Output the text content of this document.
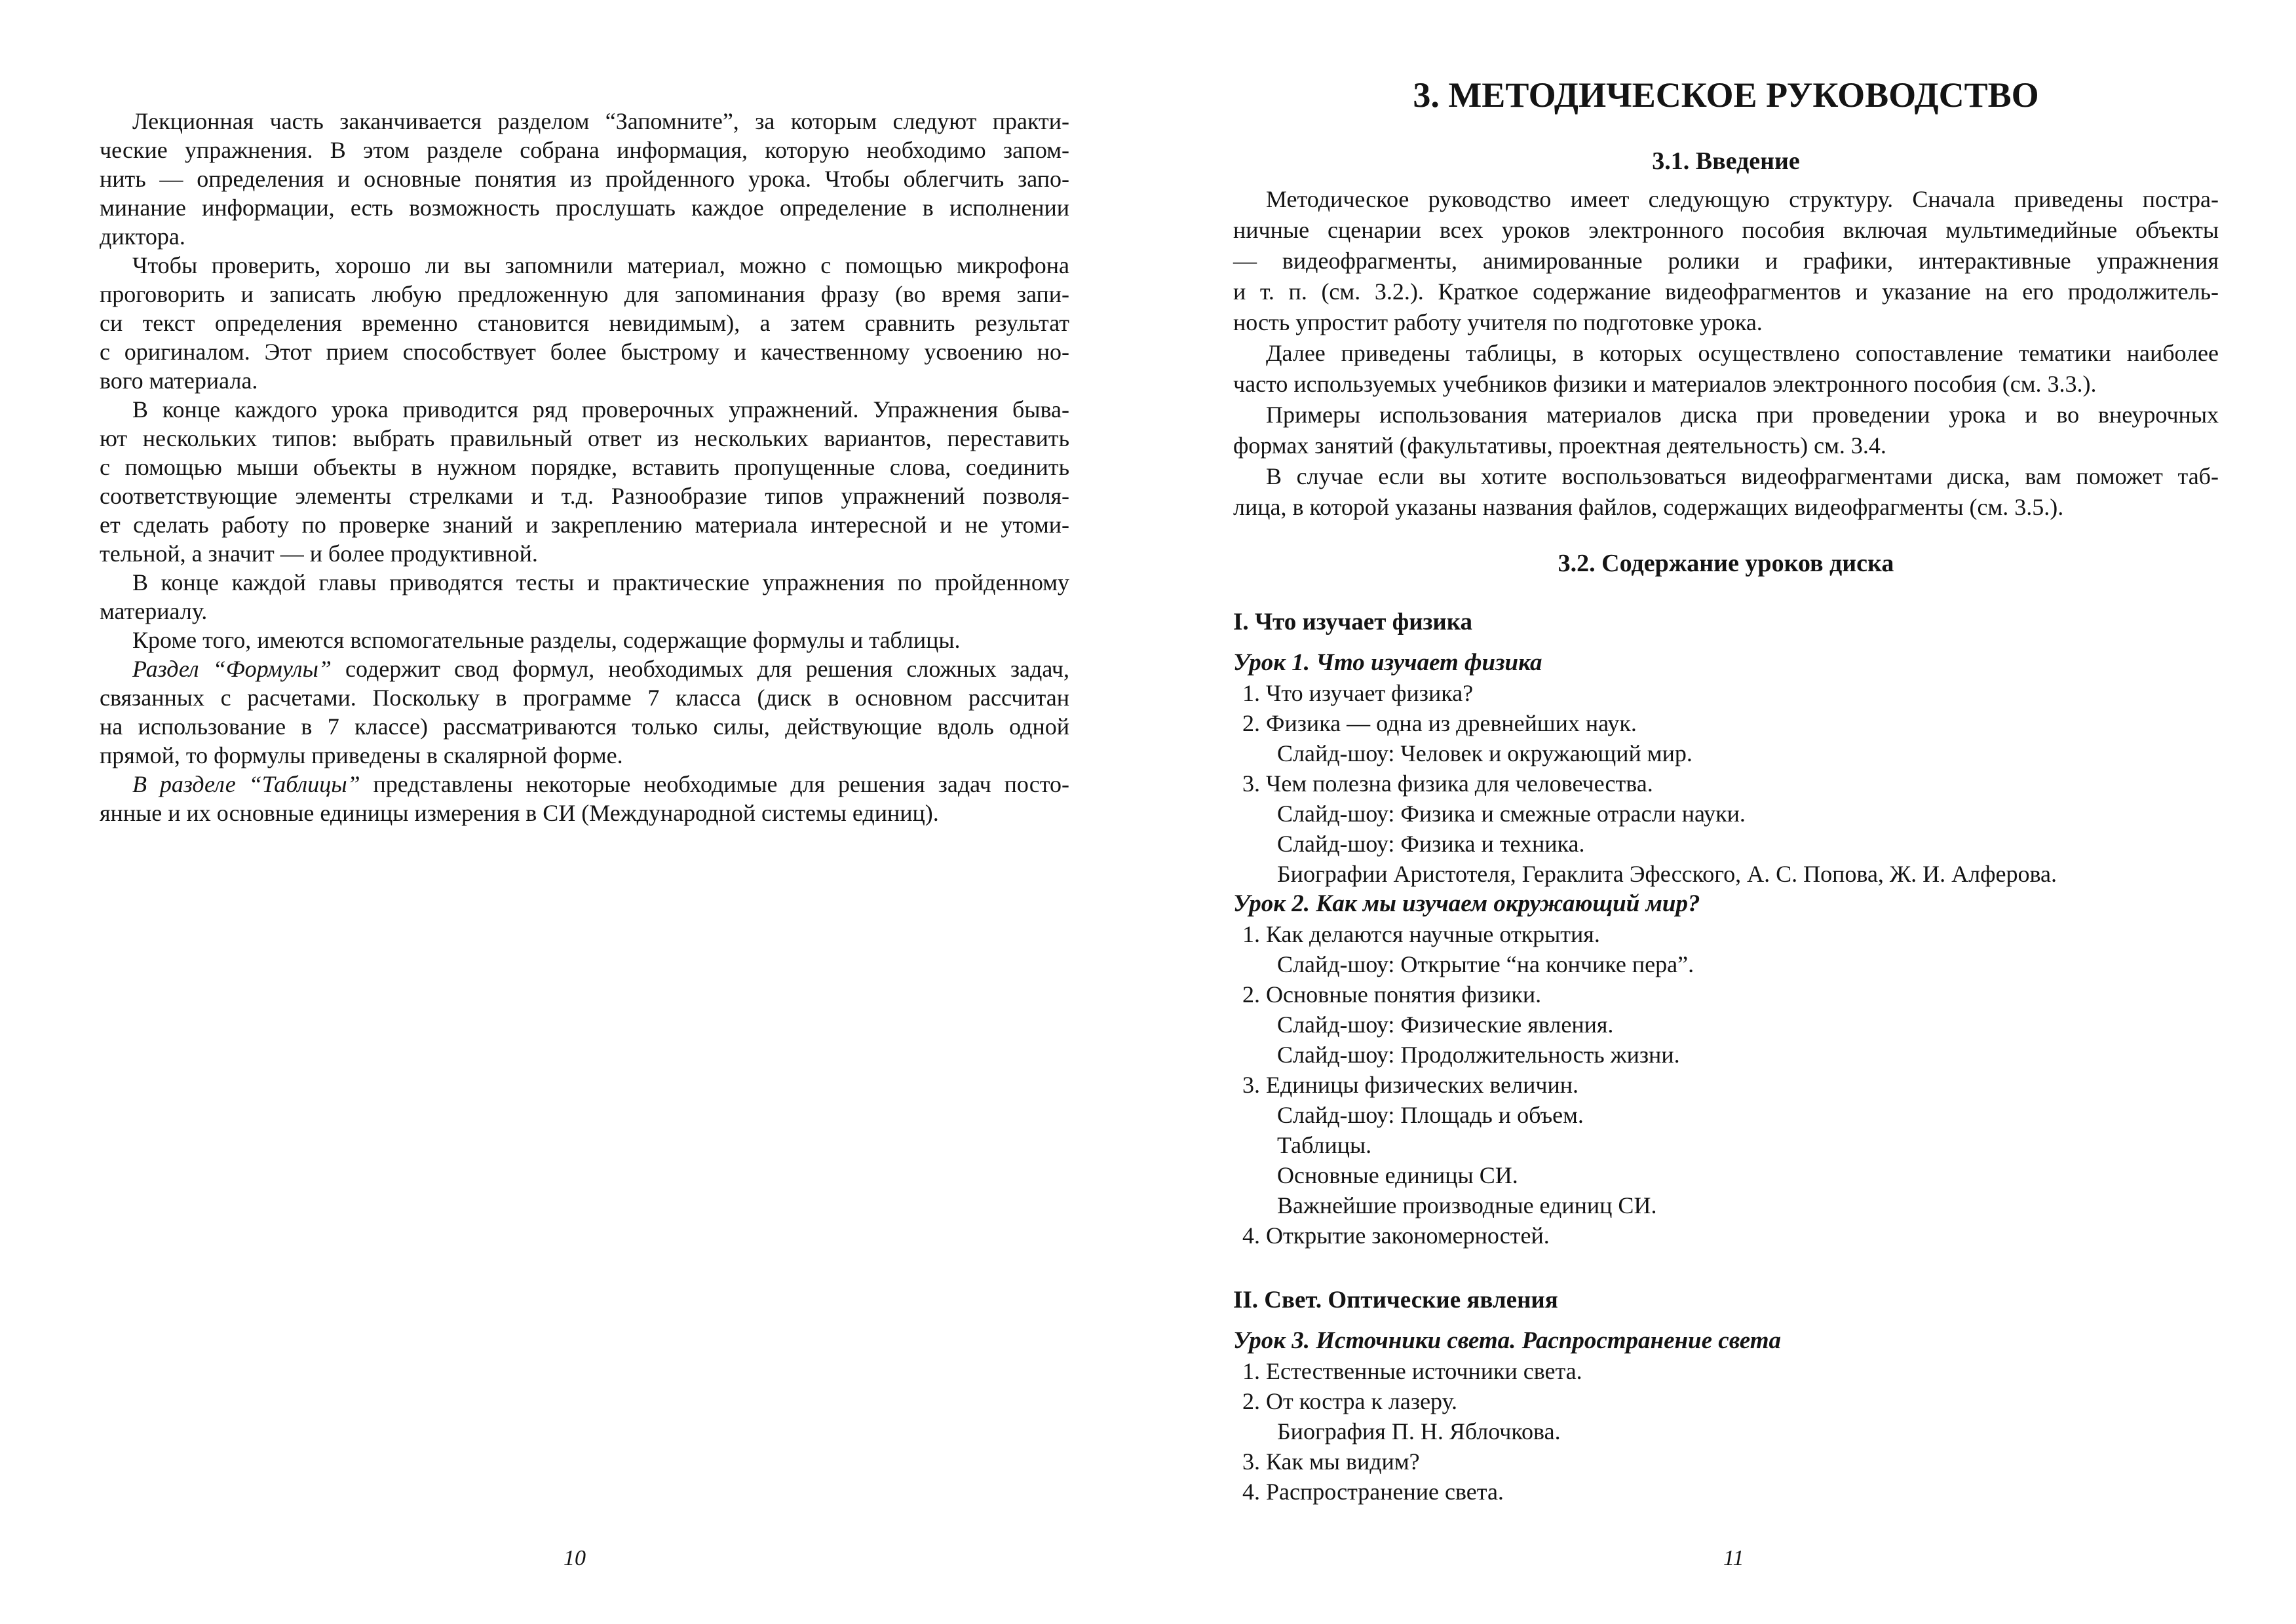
Лекционная часть заканчивается разделом “Запомните”, за которым следуют практи-
ческие упражнения. В этом разделе собрана информация, которую необходимо запом-
нить — определения и основные понятия из пройденного урока. Чтобы облегчить запо-
минание информации, есть возможность прослушать каждое определение в исполнении
диктора.
Чтобы проверить, хорошо ли вы запомнили материал, можно с помощью микрофона
проговорить и записать любую предложенную для запоминания фразу (во время запи-
си текст определения временно становится невидимым), а затем сравнить результат
с оригиналом. Этот прием способствует более быстрому и качественному усвоению но-
вого материала.
В конце каждого урока приводится ряд проверочных упражнений. Упражнения быва-
ют нескольких типов: выбрать правильный ответ из нескольких вариантов, переставить
с помощью мыши объекты в нужном порядке, вставить пропущенные слова, соединить
соответствующие элементы стрелками и т.д. Разнообразие типов упражнений позволя-
ет сделать работу по проверке знаний и закреплению материала интересной и не утоми-
тельной, а значит — и более продуктивной.
В конце каждой главы приводятся тесты и практические упражнения по пройденному
материалу.
Кроме того, имеются вспомогательные разделы, содержащие формулы и таблицы.
Раздел “Формулы” содержит свод формул, необходимых для решения сложных задач,
связанных с расчетами. Поскольку в программе 7 класса (диск в основном рассчитан
на использование в 7 классе) рассматриваются только силы, действующие вдоль одной
прямой, то формулы приведены в скалярной форме.
В разделе “Таблицы” представлены некоторые необходимые для решения задач посто-
янные и их основные единицы измерения в СИ (Международной системы единиц).
10
3. МЕТОДИЧЕСКОЕ РУКОВОДСТВО
3.1. Введение
Методическое руководство имеет следующую структуру. Сначала приведены постра-
ничные сценарии всех уроков электронного пособия включая мультимедийные объекты
— видеофрагменты, анимированные ролики и графики, интерактивные упражнения
и т. п. (см. 3.2.). Краткое содержание видеофрагментов и указание на его продолжитель-
ность упростит работу учителя по подготовке урока.
Далее приведены таблицы, в которых осуществлено сопоставление тематики наиболее
часто используемых учебников физики и материалов электронного пособия (см. 3.3.).
Примеры использования материалов диска при проведении урока и во внеурочных
формах занятий (факультативы, проектная деятельность) см. 3.4.
В случае если вы хотите воспользоваться видеофрагментами диска, вам поможет таб-
лица, в которой указаны названия файлов, содержащих видеофрагменты (см. 3.5.).
3.2. Содержание уроков диска
I. Что изучает физика
Урок 1. Что изучает физика
1. Что изучает физика?
2. Физика — одна из древнейших наук.
Слайд-шоу: Человек и окружающий мир.
3. Чем полезна физика для человечества.
Слайд-шоу: Физика и смежные отрасли науки.
Слайд-шоу: Физика и техника.
Биографии Аристотеля, Гераклита Эфесского, А. С. Попова, Ж. И. Алферова.
Урок 2. Как мы изучаем окружающий мир?
1. Как делаются научные открытия.
Слайд-шоу: Открытие “на кончике пера”.
2. Основные понятия физики.
Слайд-шоу: Физические явления.
Слайд-шоу: Продолжительность жизни.
3. Единицы физических величин.
Слайд-шоу: Площадь и объем.
Таблицы.
Основные единицы СИ.
Важнейшие производные единиц СИ.
4. Открытие закономерностей.
II. Свет. Оптические явления
Урок 3. Источники света. Распространение света
1. Естественные источники света.
2. От костра к лазеру.
Биография П. Н. Яблочкова.
3. Как мы видим?
4. Распространение света.
11
